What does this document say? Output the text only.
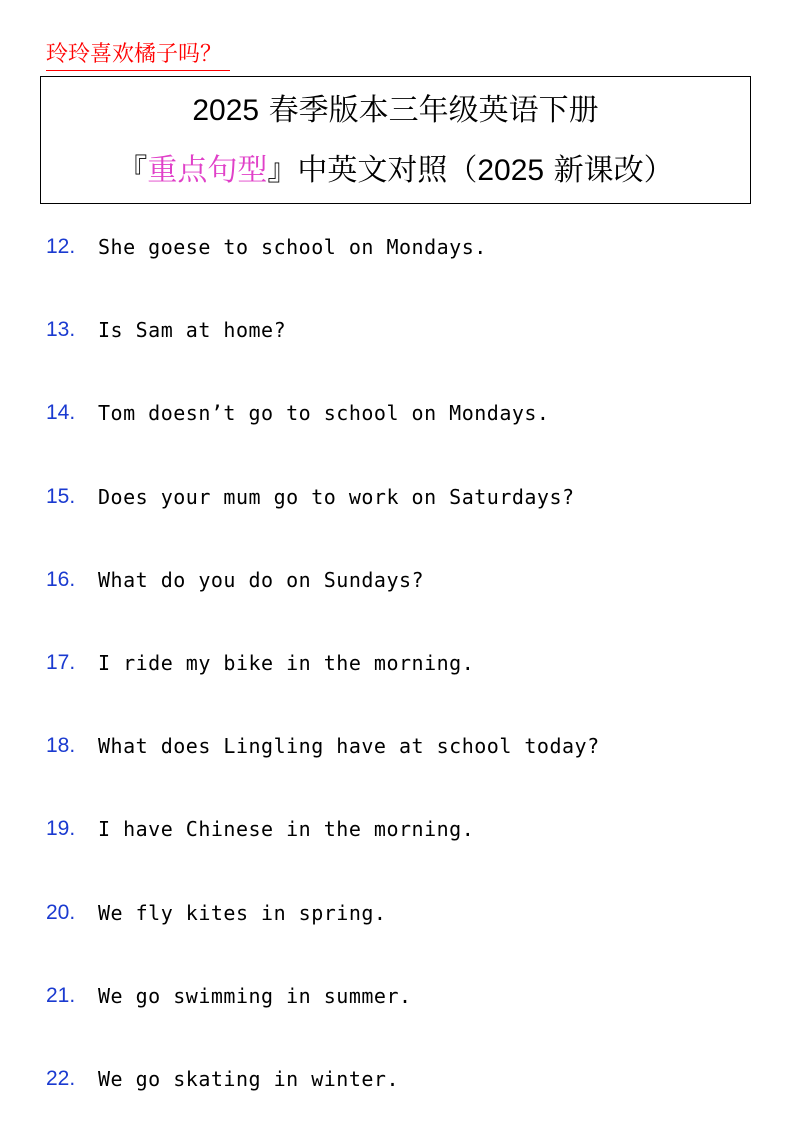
玲玲喜欢橘子吗？
2025 春季版本三年级英语下册
『重点句型』中英文对照（2025 新课改）
12.	She goese to school on Mondays.
13.	Is Sam at home?
14.	Tom doesn’t go to school on Mondays.
15.	Does your mum go to work on Saturdays?
16.	What do you do on Sundays?
17.	I ride my bike in the morning.
18.	What does Lingling have at school today?
19.	I have Chinese in the morning.
20.	We fly kites in spring.
21.	We go swimming in summer.
22.	We go skating in winter.
